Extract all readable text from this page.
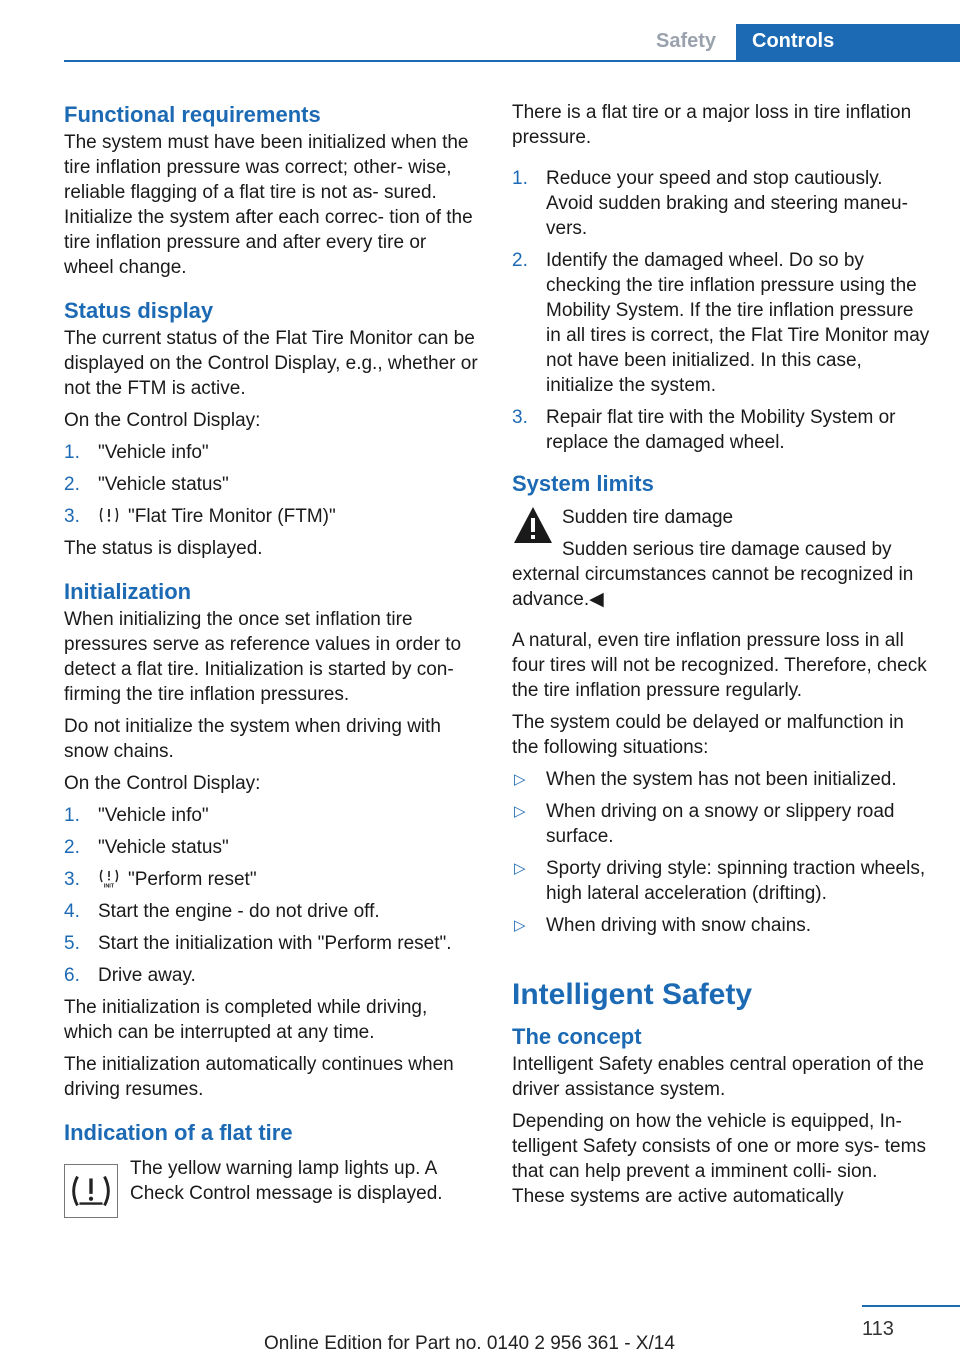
Safety	Controls
Functional requirements

The system must have been initialized when the tire inflation pressure was correct; other‐ wise, reliable flagging of a flat tire is not as‐ sured. Initialize the system after each correc‐ tion of the tire inflation pressure and after every tire or wheel change.

Status display

The current status of the Flat Tire Monitor can be displayed on the Control Display, e.g., whether or not the FTM is active.

On the Control Display:

1. "Vehicle info"
2. "Vehicle status"
3.	"Flat Tire Monitor (FTM)"

The status is displayed.

Initialization

When initializing the once set inflation tire pressures serve as reference values in order to detect a flat tire. Initialization is started by con‐ firming the tire inflation pressures.

Do not initialize the system when driving with snow chains.

On the Control Display:

1. "Vehicle info"
2. "Vehicle status"
3.	INIT "Perform reset"
4. Start the engine - do not drive off.
5. Start the initialization with "Perform reset".
6. Drive away.

The initialization is completed while driving, which can be interrupted at any time.

The initialization automatically continues when driving resumes.

Indication of a flat tire
The yellow warning lamp lights up. A Check Control message is displayed.

There is a flat tire or a major loss in tire inflation pressure.

1. Reduce your speed and stop cautiously. Avoid sudden braking and steering maneu‐ vers.
2. Identify the damaged wheel. Do so by checking the tire inflation pressure using the Mobility System. If the tire inflation pressure in all tires is correct, the Flat Tire Monitor may not have been initialized. In this case, initialize the system.
3. Repair flat tire with the Mobility System or replace the damaged wheel.
System limits
Sudden tire damage
Sudden serious tire damage caused by

external circumstances cannot be recognized in advance.◀

A natural, even tire inflation pressure loss in all four tires will not be recognized. Therefore, check the tire inflation pressure regularly.

The system could be delayed or malfunction in the following situations:

▷ When the system has not been initialized.
▷ When driving on a snowy or slippery road surface.
▷ Sporty driving style: spinning traction wheels, high lateral acceleration (drifting).
▷ When driving with snow chains.
Intelligent Safety
The concept

Intelligent Safety enables central operation of the driver assistance system.

Depending on how the vehicle is equipped, In‐ telligent Safety consists of one or more sys‐ tems that can help prevent a imminent colli‐ sion. These systems are active automatically

113
Online Edition for Part no. 0140 2 956 361 - X/14
